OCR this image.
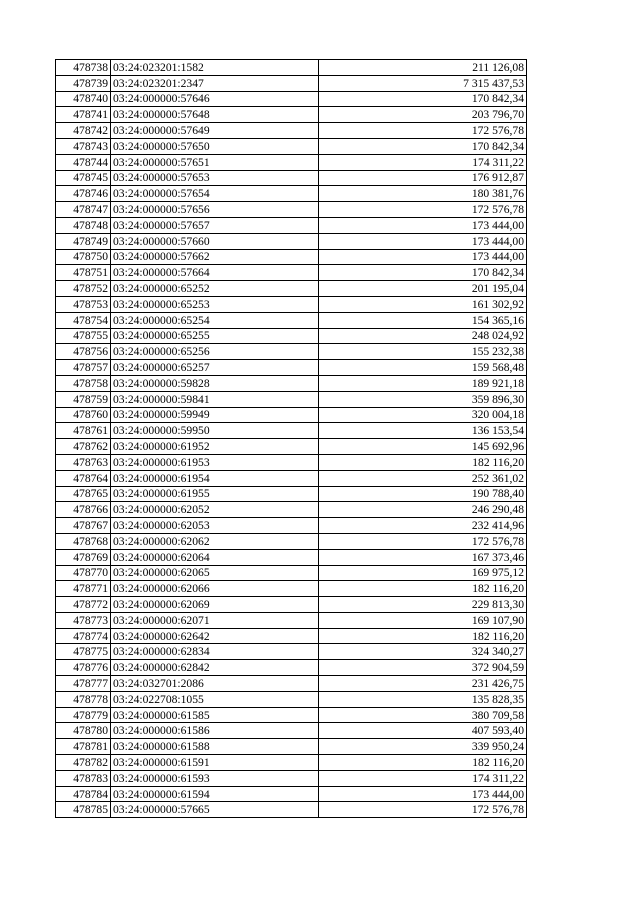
478738	03:24:023201:1582	211 126,08
478739	03:24:023201:2347	7 315 437,53
478740	03:24:000000:57646	170 842,34
478741	03:24:000000:57648	203 796,70
478742	03:24:000000:57649	172 576,78
478743	03:24:000000:57650	170 842,34
478744	03:24:000000:57651	174 311,22
478745	03:24:000000:57653	176 912,87
478746	03:24:000000:57654	180 381,76
478747	03:24:000000:57656	172 576,78
478748	03:24:000000:57657	173 444,00
478749	03:24:000000:57660	173 444,00
478750	03:24:000000:57662	173 444,00
478751	03:24:000000:57664	170 842,34
478752	03:24:000000:65252	201 195,04
478753	03:24:000000:65253	161 302,92
478754	03:24:000000:65254	154 365,16
478755	03:24:000000:65255	248 024,92
478756	03:24:000000:65256	155 232,38
478757	03:24:000000:65257	159 568,48
478758	03:24:000000:59828	189 921,18
478759	03:24:000000:59841	359 896,30
478760	03:24:000000:59949	320 004,18
478761	03:24:000000:59950	136 153,54
478762	03:24:000000:61952	145 692,96
478763	03:24:000000:61953	182 116,20
478764	03:24:000000:61954	252 361,02
478765	03:24:000000:61955	190 788,40
478766	03:24:000000:62052	246 290,48
478767	03:24:000000:62053	232 414,96
478768	03:24:000000:62062	172 576,78
478769	03:24:000000:62064	167 373,46
478770	03:24:000000:62065	169 975,12
478771	03:24:000000:62066	182 116,20
478772	03:24:000000:62069	229 813,30
478773	03:24:000000:62071	169 107,90
478774	03:24:000000:62642	182 116,20
478775	03:24:000000:62834	324 340,27
478776	03:24:000000:62842	372 904,59
478777	03:24:032701:2086	231 426,75
478778	03:24:022708:1055	135 828,35
478779	03:24:000000:61585	380 709,58
478780	03:24:000000:61586	407 593,40
478781	03:24:000000:61588	339 950,24
478782	03:24:000000:61591	182 116,20
478783	03:24:000000:61593	174 311,22
478784	03:24:000000:61594	173 444,00
478785	03:24:000000:57665	172 576,78
